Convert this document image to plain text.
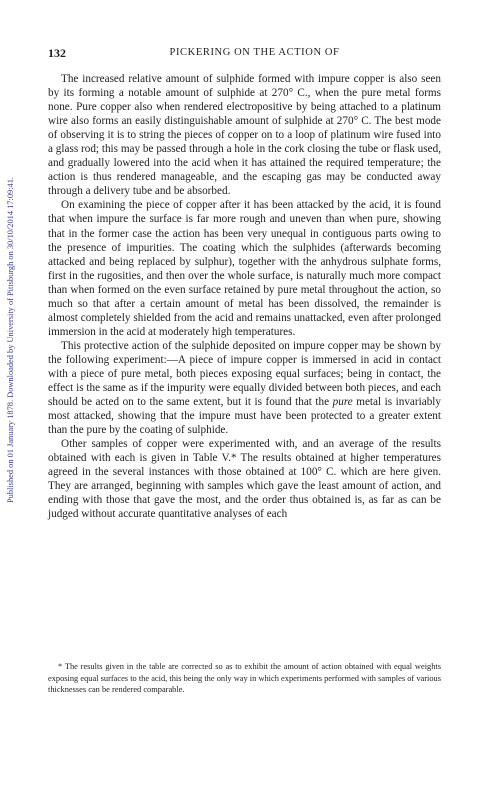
Published on 01 January 1878. Downloaded by University of Pittsburgh on 30/10/2014 17:09:41.
132	PICKERING ON THE ACTION OF

The increased relative amount of sulphide formed with impure copper is also seen by its forming a notable amount of sulphide at 270° C., when the pure metal forms none. Pure copper also when rendered electropositive by being attached to a platinum wire also forms an easily distinguishable amount of sulphide at 270° C. The best mode of observing it is to string the pieces of copper on to a loop of platinum wire fused into a glass rod; this may be passed through a hole in the cork closing the tube or flask used, and gradually lowered into the acid when it has attained the required temperature; the action is thus rendered manageable, and the escaping gas may be conducted away through a delivery tube and be absorbed.

On examining the piece of copper after it has been attacked by the acid, it is found that when impure the surface is far more rough and uneven than when pure, showing that in the former case the action has been very unequal in contiguous parts owing to the presence of impurities. The coating which the sulphides (afterwards becoming attacked and being replaced by sulphur), together with the anhydrous sulphate forms, first in the rugosities, and then over the whole surface, is naturally much more compact than when formed on the even surface retained by pure metal throughout the action, so much so that after a certain amount of metal has been dissolved, the remainder is almost completely shielded from the acid and remains unattacked, even after prolonged immersion in the acid at moderately high temperatures.

This protective action of the sulphide deposited on impure copper may be shown by the following experiment:—A piece of impure copper is immersed in acid in contact with a piece of pure metal, both pieces exposing equal surfaces; being in contact, the effect is the same as if the impurity were equally divided between both pieces, and each should be acted on to the same extent, but it is found that the pure metal is invariably most attacked, showing that the impure must have been protected to a greater extent than the pure by the coating of sulphide.

Other samples of copper were experimented with, and an average of the results obtained with each is given in Table V.* The results obtained at higher temperatures agreed in the several instances with those obtained at 100° C. which are here given. They are arranged, beginning with samples which gave the least amount of action, and ending with those that gave the most, and the order thus obtained is, as far as can be judged without accurate quantitative analyses of each

* The results given in the table are corrected so as to exhibit the amount of action obtained with equal weights exposing equal surfaces to the acid, this being the only way in which experiments performed with samples of various thicknesses can be rendered comparable.
